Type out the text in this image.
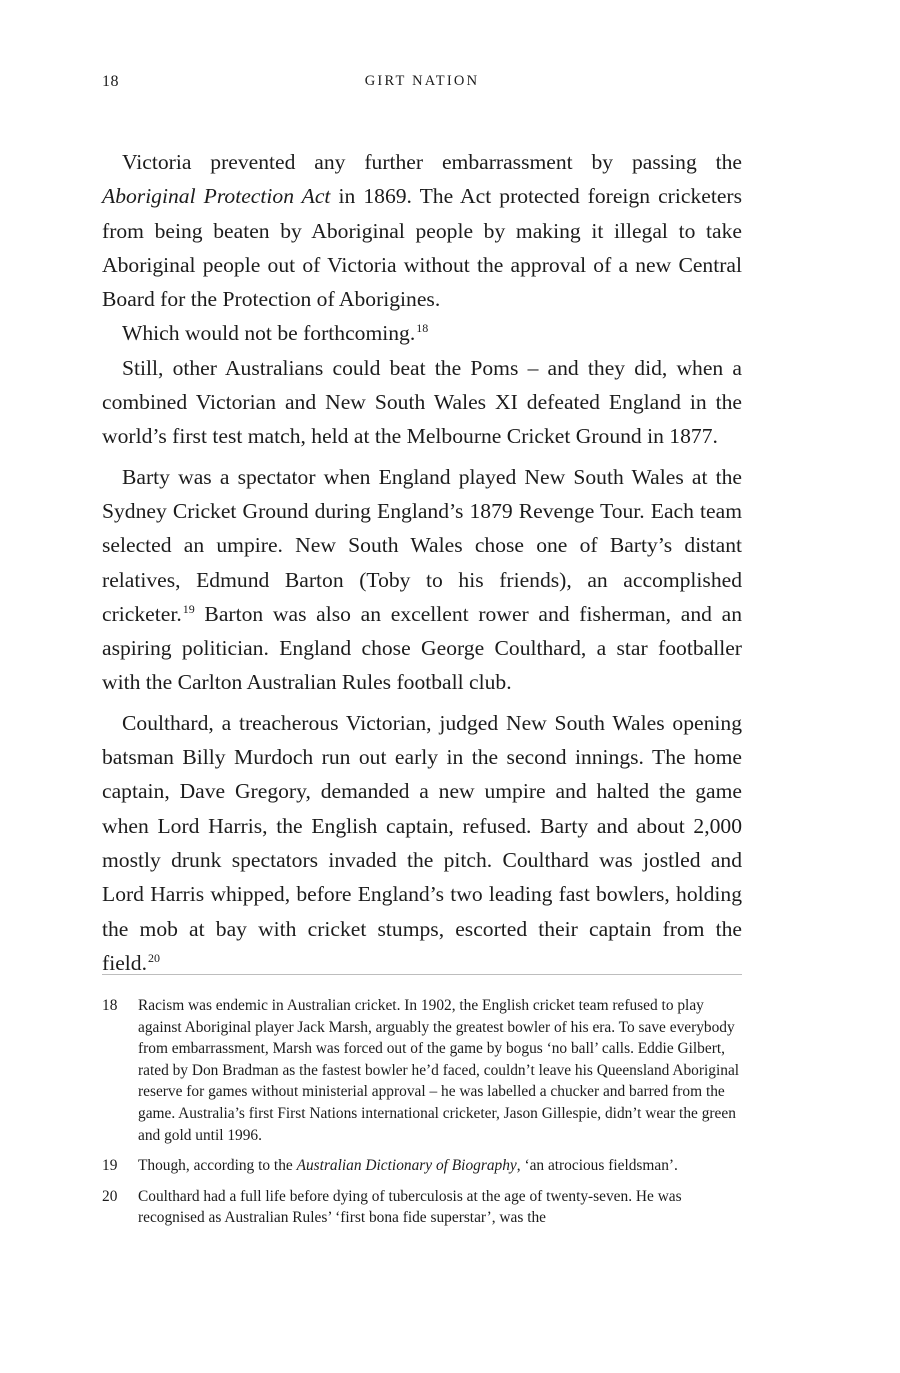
18	GIRT NATION

Victoria prevented any further embarrassment by passing the Aboriginal Protection Act in 1869. The Act protected foreign cricketers from being beaten by Aboriginal people by making it illegal to take Aboriginal people out of Victoria without the approval of a new Central Board for the Protection of Aborigines.

Which would not be forthcoming.$^{18}$

Still, other Australians could beat the Poms – and they did, when a combined Victorian and New South Wales XI defeated England in the world’s first test match, held at the Melbourne Cricket Ground in 1877.

Barty was a spectator when England played New South Wales at the Sydney Cricket Ground during England’s 1879 Revenge Tour. Each team selected an umpire. New South Wales chose one of Barty’s distant relatives, Edmund Barton (Toby to his friends), an accomplished cricketer.$^{19}$ Barton was also an excellent rower and fisherman, and an aspiring politician. England chose George Coulthard, a star footballer with the Carlton Australian Rules football club.

Coulthard, a treacherous Victorian, judged New South Wales opening batsman Billy Murdoch run out early in the second innings. The home captain, Dave Gregory, demanded a new umpire and halted the game when Lord Harris, the English captain, refused. Barty and about 2,000 mostly drunk spectators invaded the pitch. Coulthard was jostled and Lord Harris whipped, before England’s two leading fast bowlers, holding the mob at bay with cricket stumps, escorted their captain from the field.$^{20}$

18	Racism was endemic in Australian cricket. In 1902, the English cricket team refused to play against Aboriginal player Jack Marsh, arguably the greatest bowler of his era. To save everybody from embarrassment, Marsh was forced out of the game by bogus ‘no ball’ calls. Eddie Gilbert, rated by Don Bradman as the fastest bowler he’d faced, couldn’t leave his Queensland Aboriginal reserve for games without ministerial approval – he was labelled a chucker and barred from the game. Australia’s first First Nations international cricketer, Jason Gillespie, didn’t wear the green and gold until 1996.
19	Though, according to the Australian Dictionary of Biography, ‘an atrocious fieldsman’.
20	Coulthard had a full life before dying of tuberculosis at the age of twenty-seven. He was recognised as Australian Rules’ ‘first bona fide superstar’, was the
